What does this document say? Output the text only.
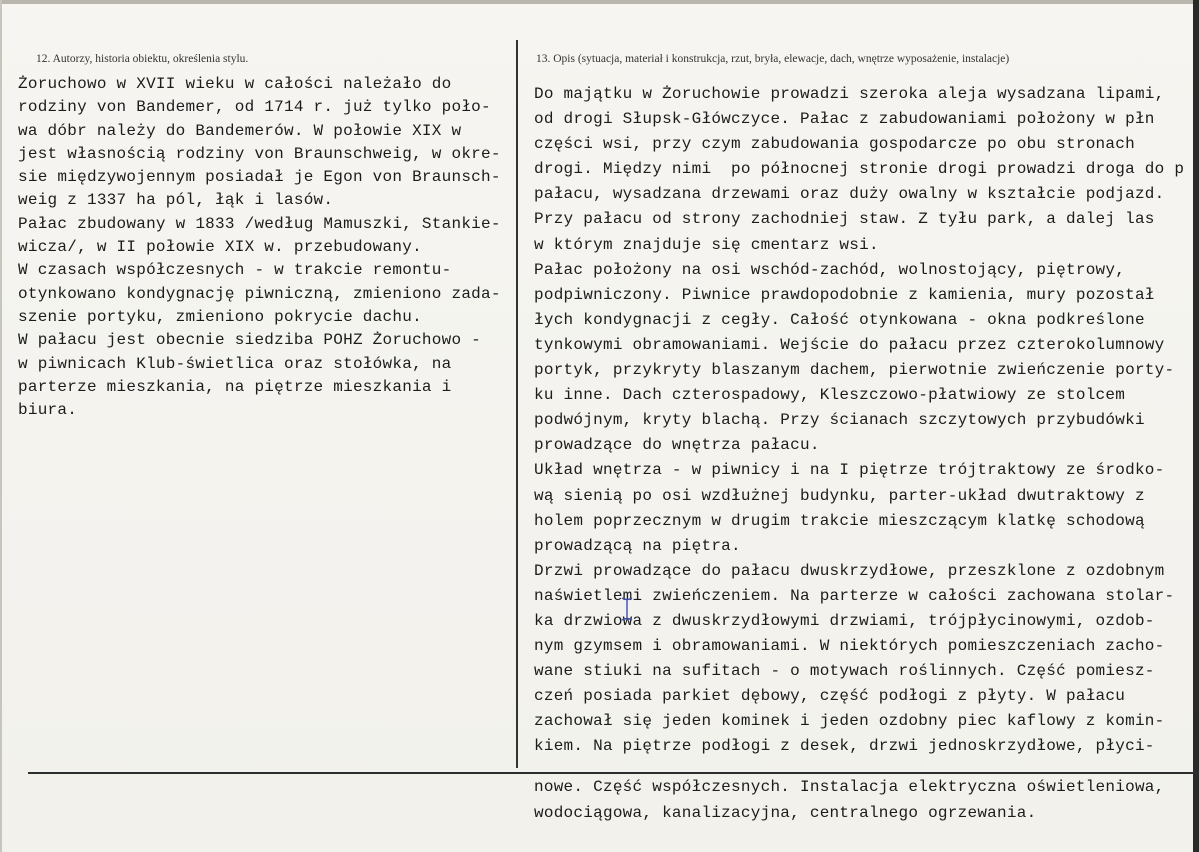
12. Autorzy, historia obiektu, określenia stylu.	13. Opis (sytuacja, materiał i konstrukcja, rzut, bryła, elewacje, dach, wnętrze wyposażenie, instalacje)
Żoruchowo w XVII wieku w całości należało do
rodziny von Bandemer, od 1714 r. już tylko poło-
wa dóbr należy do Bandemerów. W połowie XIX w
jest własnością rodziny von Braunschweig, w okre-
sie międzywojennym posiadał je Egon von Braunsch-
weig z 1337 ha pól, łąk i lasów.
Pałac zbudowany w 1833 /według Mamuszki, Stankie-
wicza/, w II połowie XIX w. przebudowany.
W czasach współczesnych - w trakcie remontu-
otynkowano kondygnację piwniczną, zmieniono zada-
szenie portyku, zmieniono pokrycie dachu.
W pałacu jest obecnie siedziba POHZ Żoruchowo -
w piwnicach Klub-świetlica oraz stołówka, na
parterze mieszkania, na piętrze mieszkania i
biura.
Do majątku w Żoruchowie prowadzi szeroka aleja wysadzana lipami,
od drogi Słupsk-Główczyce. Pałac z zabudowaniami położony w płn
części wsi, przy czym zabudowania gospodarcze po obu stronach
drogi. Między nimi  po północnej stronie drogi prowadzi droga do p
pałacu, wysadzana drzewami oraz duży owalny w kształcie podjazd.
Przy pałacu od strony zachodniej staw. Z tyłu park, a dalej las
w którym znajduje się cmentarz wsi.
Pałac położony na osi wschód-zachód, wolnostojący, piętrowy,
podpiwniczony. Piwnice prawdopodobnie z kamienia, mury pozostał
łych kondygnacji z cegły. Całość otynkowana - okna podkreślone
tynkowymi obramowaniami. Wejście do pałacu przez czterokolumnowy
portyk, przykryty blaszanym dachem, pierwotnie zwieńczenie porty-
ku inne. Dach czterospadowy, Kleszczowo-płatwiowy ze stolcem
podwójnym, kryty blachą. Przy ścianach szczytowych przybudówki
prowadzące do wnętrza pałacu.
Układ wnętrza - w piwnicy i na I piętrze trójtraktowy ze środko-
wą sienią po osi wzdłużnej budynku, parter-układ dwutraktowy z
holem poprzecznym w drugim trakcie mieszczącym klatkę schodową
prowadzącą na piętra.
Drzwi prowadzące do pałacu dwuskrzydłowe, przeszklone z ozdobnym
naświetlemi zwieńczeniem. Na parterze w całości zachowana stolar-
ka drzwiowa z dwuskrzydłowymi drzwiami, trójpłycinowymi, ozdob-
nym gzymsem i obramowaniami. W niektórych pomieszczeniach zacho-
wane stiuki na sufitach - o motywach roślinnych. Część pomiesz-
czeń posiada parkiet dębowy, część podłogi z płyty. W pałacu
zachował się jeden kominek i jeden ozdobny piec kaflowy z komin-
kiem. Na piętrze podłogi z desek, drzwi jednoskrzydłowe, płyci-
nowe. Część współczesnych. Instalacja elektryczna oświetleniowa,
wodociągowa, kanalizacyjna, centralnego ogrzewania.
